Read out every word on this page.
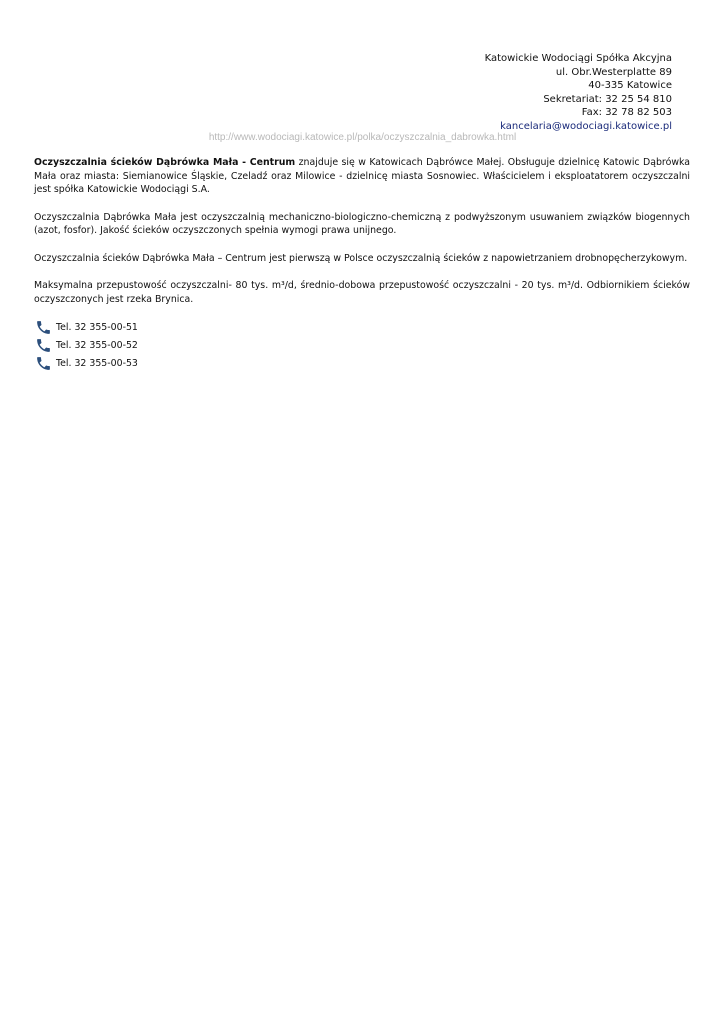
Katowickie Wodociągi Spółka Akcyjna
ul. Obr.Westerplatte 89
40-335 Katowice
Sekretariat: 32 25 54 810
Fax: 32 78 82 503
kancelaria@wodociagi.katowice.pl
http://www.wodociagi.katowice.pl/polka/oczyszczalnia_dabrowka.html

Oczyszczalnia ścieków Dąbrówka Mała - Centrum znajduje się w Katowicach Dąbrówce Małej. Obsługuje dzielnicę Katowic Dąbrówka Mała oraz miasta: Siemianowice Śląskie, Czeladź oraz Milowice - dzielnicę miasta Sosnowiec. Właścicielem i eksploatatorem oczyszczalni jest spółka Katowickie Wodociągi S.A.

Oczyszczalnia Dąbrówka Mała jest oczyszczalnią mechaniczno-biologiczno-chemiczną z podwyższonym usuwaniem związków biogennych (azot, fosfor). Jakość ścieków oczyszczonych spełnia wymogi prawa unijnego.

Oczyszczalnia ścieków Dąbrówka Mała – Centrum jest pierwszą w Polsce oczyszczalnią ścieków z napowietrzaniem drobnopęcherzykowym.

Maksymalna przepustowość oczyszczalni- 80 tys. m³/d, średnio-dobowa przepustowość oczyszczalni - 20 tys. m³/d. Odbiornikiem ścieków oczyszczonych jest rzeka Brynica.

Tel. 32 355-00-51
Tel. 32 355-00-52
Tel. 32 355-00-53
